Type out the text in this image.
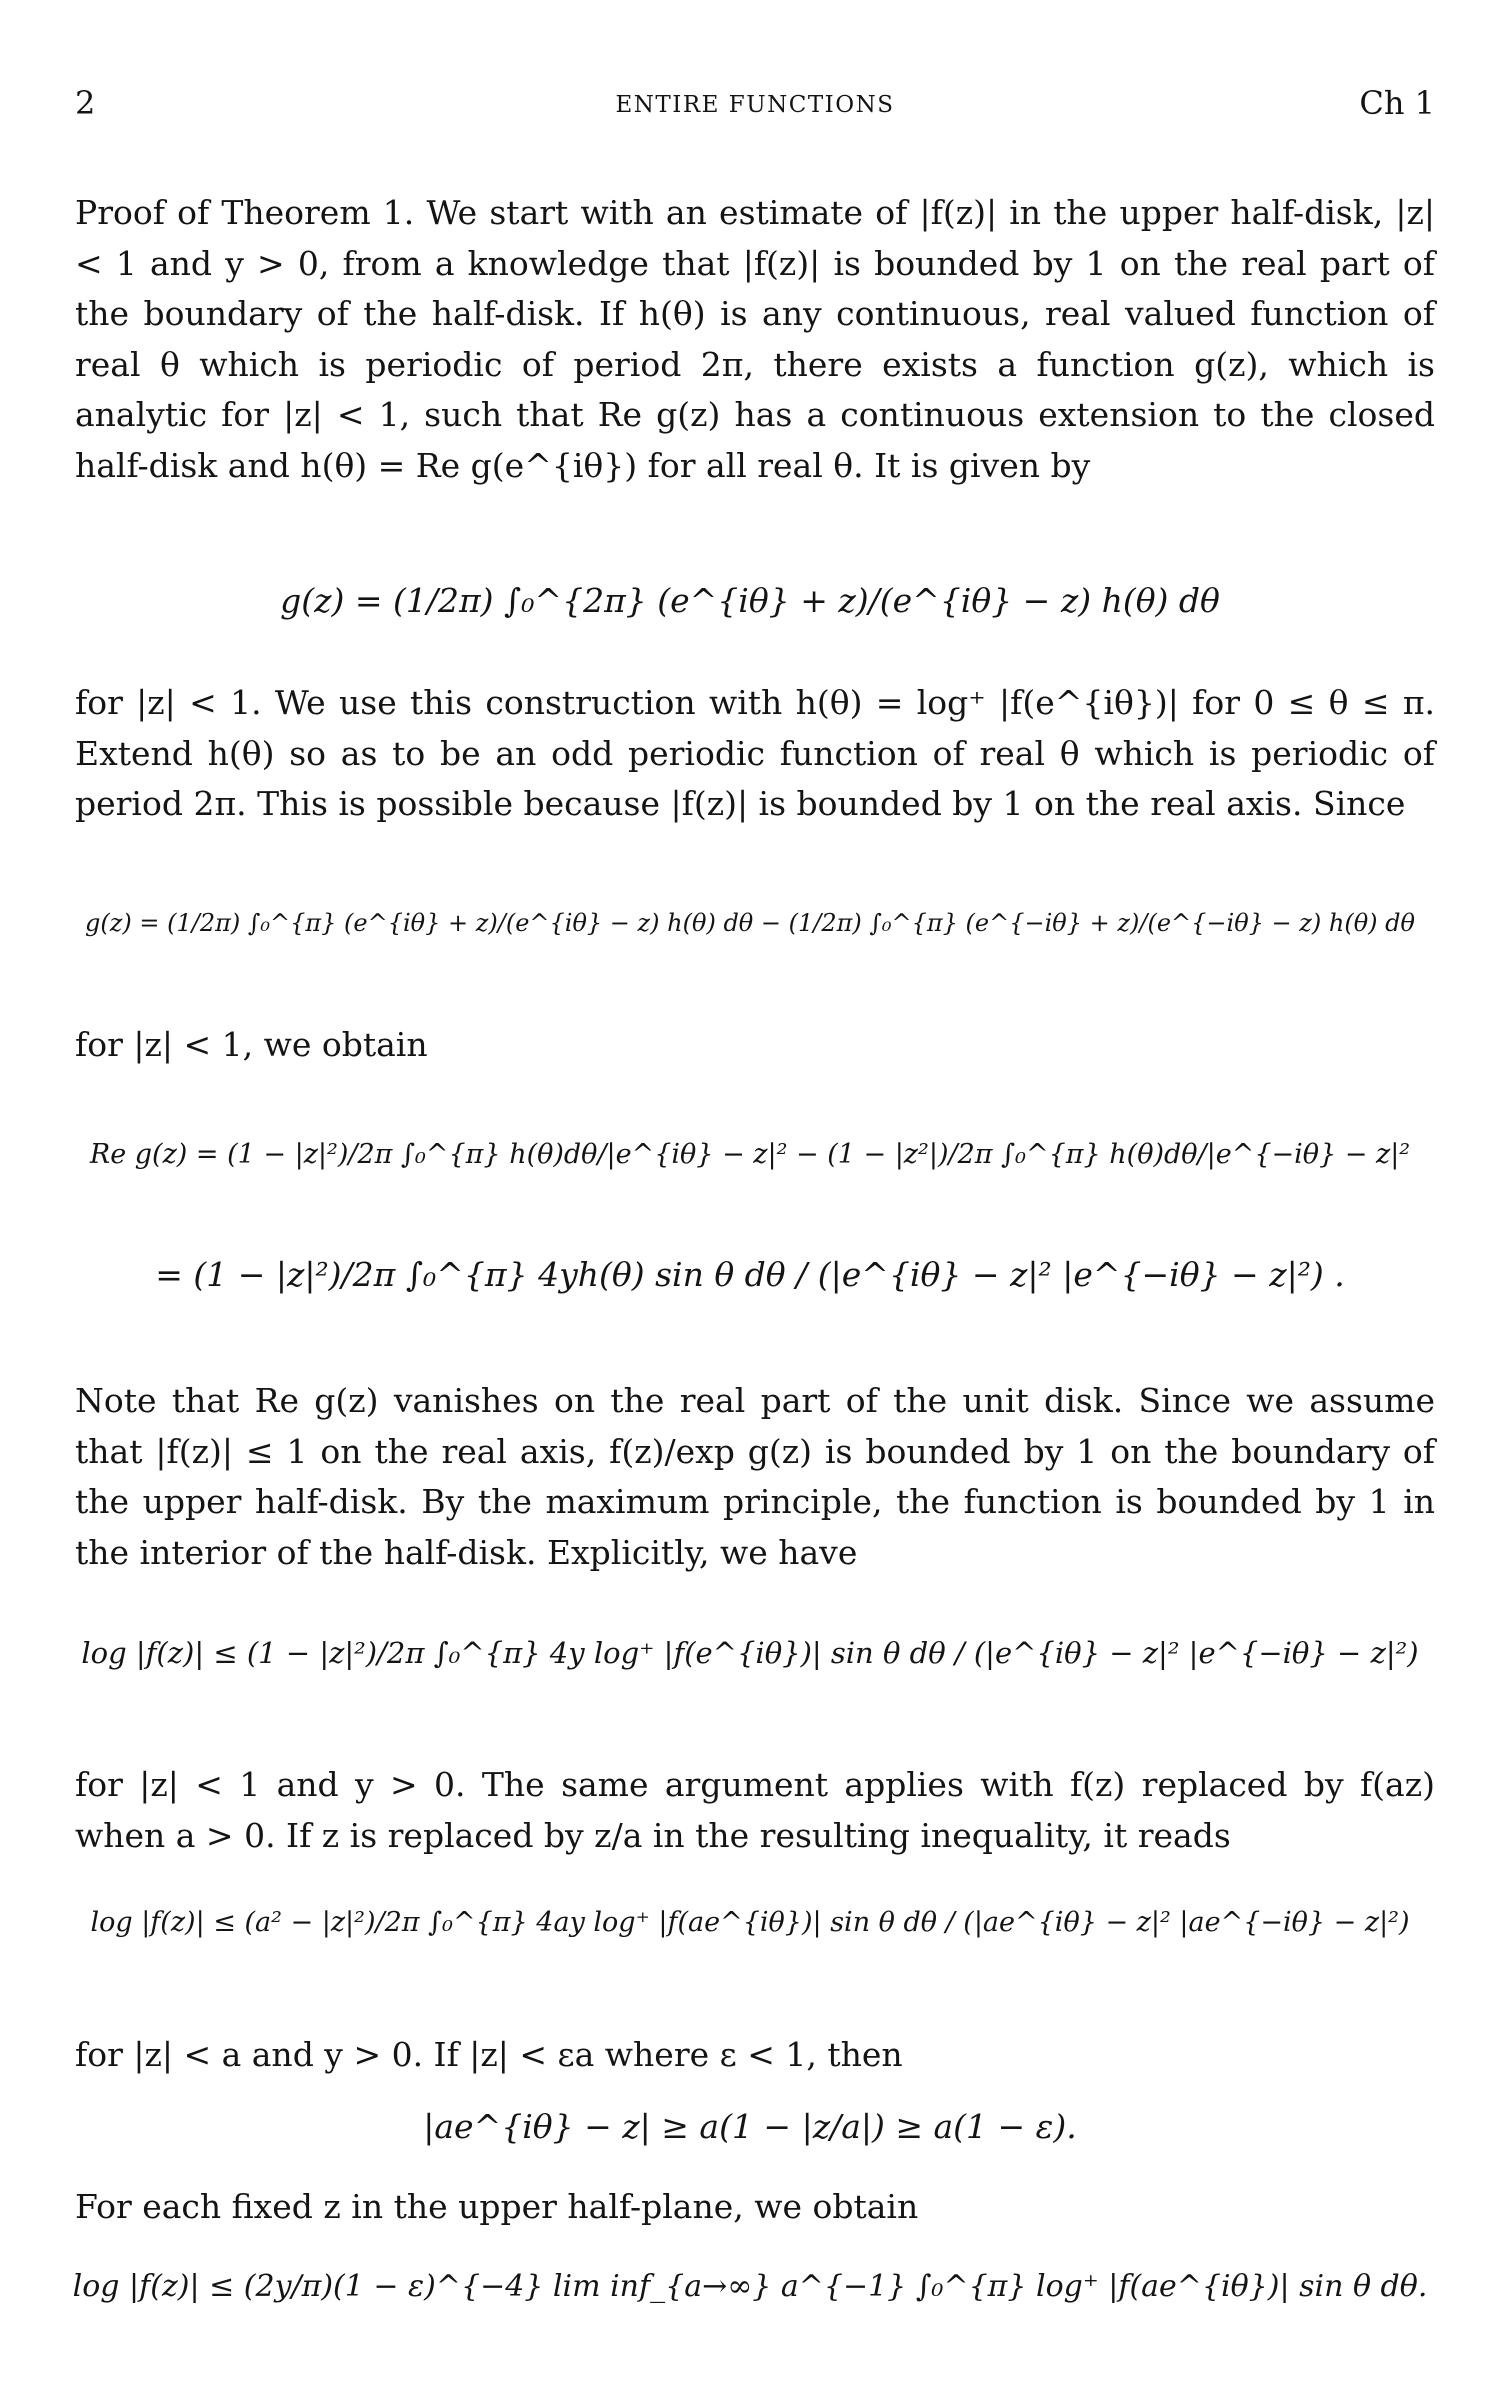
2	ENTIRE FUNCTIONS	Ch 1

Proof of Theorem 1. We start with an estimate of |f(z)| in the upper half-disk, |z| < 1 and y > 0, from a knowledge that |f(z)| is bounded by 1 on the real part of the boundary of the half-disk. If h(θ) is any continuous, real valued function of real θ which is periodic of period 2π, there exists a function g(z), which is analytic for |z| < 1, such that Re g(z) has a continuous extension to the closed half-disk and h(θ) = Re g(e^{iθ}) for all real θ. It is given by

g(z) = (1/2π) ∫₀^{2π} (e^{iθ} + z)/(e^{iθ} − z) h(θ) dθ

for |z| < 1. We use this construction with h(θ) = log⁺ |f(e^{iθ})| for 0 ≤ θ ≤ π. Extend h(θ) so as to be an odd periodic function of real θ which is periodic of period 2π. This is possible because |f(z)| is bounded by 1 on the real axis. Since

g(z) = (1/2π) ∫₀^{π} (e^{iθ} + z)/(e^{iθ} − z) h(θ) dθ − (1/2π) ∫₀^{π} (e^{−iθ} + z)/(e^{−iθ} − z) h(θ) dθ

for |z| < 1, we obtain

Re g(z) = (1 − |z|²)/2π ∫₀^{π} h(θ)dθ/|e^{iθ} − z|² − (1 − |z²|)/2π ∫₀^{π} h(θ)dθ/|e^{−iθ} − z|²
= (1 − |z|²)/2π ∫₀^{π} 4yh(θ) sin θ dθ / (|e^{iθ} − z|² |e^{−iθ} − z|²) .

Note that Re g(z) vanishes on the real part of the unit disk. Since we assume that |f(z)| ≤ 1 on the real axis, f(z)/exp g(z) is bounded by 1 on the boundary of the upper half-disk. By the maximum principle, the function is bounded by 1 in the interior of the half-disk. Explicitly, we have

log |f(z)| ≤ (1 − |z|²)/2π ∫₀^{π} 4y log⁺ |f(e^{iθ})| sin θ dθ / (|e^{iθ} − z|² |e^{−iθ} − z|²)

for |z| < 1 and y > 0. The same argument applies with f(z) replaced by f(az) when a > 0. If z is replaced by z/a in the resulting inequality, it reads

log |f(z)| ≤ (a² − |z|²)/2π ∫₀^{π} 4ay log⁺ |f(ae^{iθ})| sin θ dθ / (|ae^{iθ} − z|² |ae^{−iθ} − z|²)

for |z| < a and y > 0. If |z| < εa where ε < 1, then

|ae^{iθ} − z| ≥ a(1 − |z/a|) ≥ a(1 − ε).

For each fixed z in the upper half-plane, we obtain

log |f(z)| ≤ (2y/π)(1 − ε)^{−4} lim inf_{a→∞} a^{−1} ∫₀^{π} log⁺ |f(ae^{iθ})| sin θ dθ.
